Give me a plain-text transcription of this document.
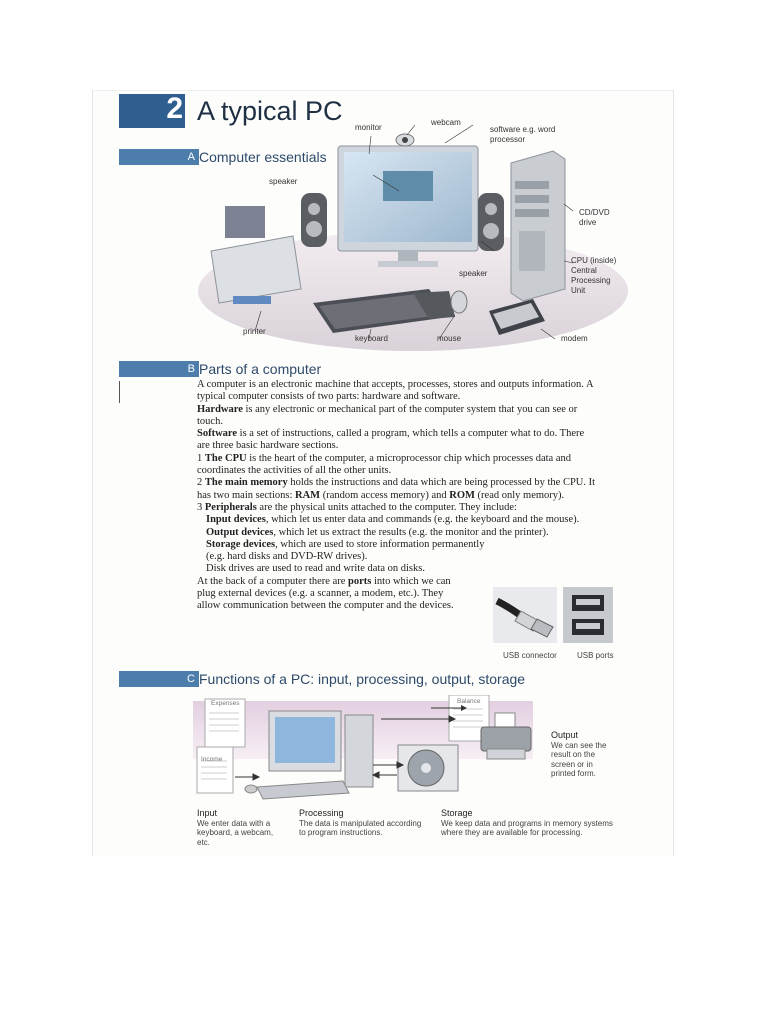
2 A typical PC
A Computer essentials
monitor
webcam
software e.g. word processor
speaker
CD/DVD drive
CPU (inside) Central Processing Unit
speaker
printer
keyboard	mouse	modem
B Parts of a computer

A computer is an electronic machine that accepts, processes, stores and outputs information. A typical computer consists of two parts: hardware and software.

Hardware is any electronic or mechanical part of the computer system that you can see or touch.

Software is a set of instructions, called a program, which tells a computer what to do. There are three basic hardware sections.

1 The CPU is the heart of the computer, a microprocessor chip which processes data and coordinates the activities of all the other units.

2 The main memory holds the instructions and data which are being processed by the CPU. It has two main sections: RAM (random access memory) and ROM (read only memory).

3 Peripherals are the physical units attached to the computer. They include:

Input devices, which let us enter data and commands (e.g. the keyboard and the mouse).

Output devices, which let us extract the results (e.g. the monitor and the printer).

Storage devices, which are used to store information permanently (e.g. hard disks and DVD-RW drives).

Disk drives are used to read and write data on disks.

At the back of a computer there are ports into which we can plug external devices (e.g. a scanner, a modem, etc.). They allow communication between the computer and the devices.

USB connector	USB ports
C Functions of a PC: input, processing, output, storage
Expenses
Income
Balance
Input
We enter data with a keyboard, a webcam, etc.
Processing
The data is manipulated according to program instructions.
Storage
We keep data and programs in memory systems where they are available for processing.
Output
We can see the result on the screen or in printed form.
